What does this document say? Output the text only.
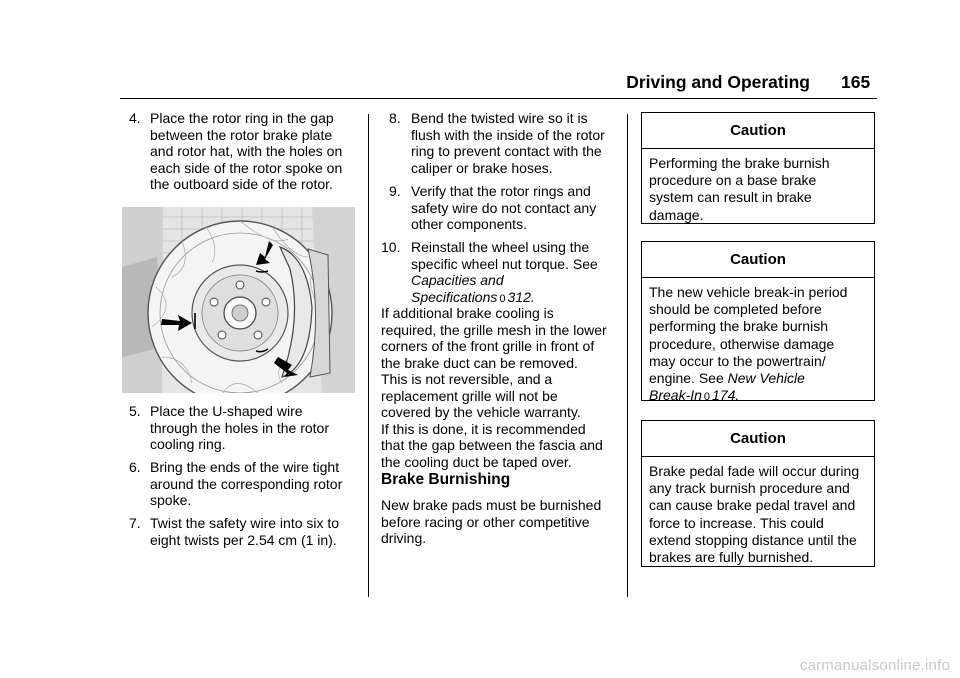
Driving and Operating 165
4. Place the rotor ring in the gap
between the rotor brake plate
and rotor hat, with the holes on
each side of the rotor spoke on
the outboard side of the rotor.
5. Place the U-shaped wire
through the holes in the rotor
cooling ring.
6. Bring the ends of the wire tight
around the corresponding rotor
spoke.
7. Twist the safety wire into six to
eight twists per 2.54 cm (1 in).
8. Bend the twisted wire so it is
flush with the inside of the rotor
ring to prevent contact with the
caliper or brake hoses.
9. Verify that the rotor rings and
safety wire do not contact any
other components.
10. Reinstall the wheel using the
specific wheel nut torque. See
Capacities and
Specifications 0 312.
If additional brake cooling is
required, the grille mesh in the lower
corners of the front grille in front of
the brake duct can be removed.
This is not reversible, and a
replacement grille will not be
covered by the vehicle warranty.
If this is done, it is recommended
that the gap between the fascia and
the cooling duct be taped over.
Brake Burnishing
New brake pads must be burnished
before racing or other competitive
driving.
Caution
Performing the brake burnish
procedure on a base brake
system can result in brake
damage.
Caution
The new vehicle break-in period
should be completed before
performing the brake burnish
procedure, otherwise damage
may occur to the powertrain/
engine. See New Vehicle
Break-In 0 174.
Caution
Brake pedal fade will occur during
any track burnish procedure and
can cause brake pedal travel and
force to increase. This could
extend stopping distance until the
brakes are fully burnished.
carmanualsonline.info
